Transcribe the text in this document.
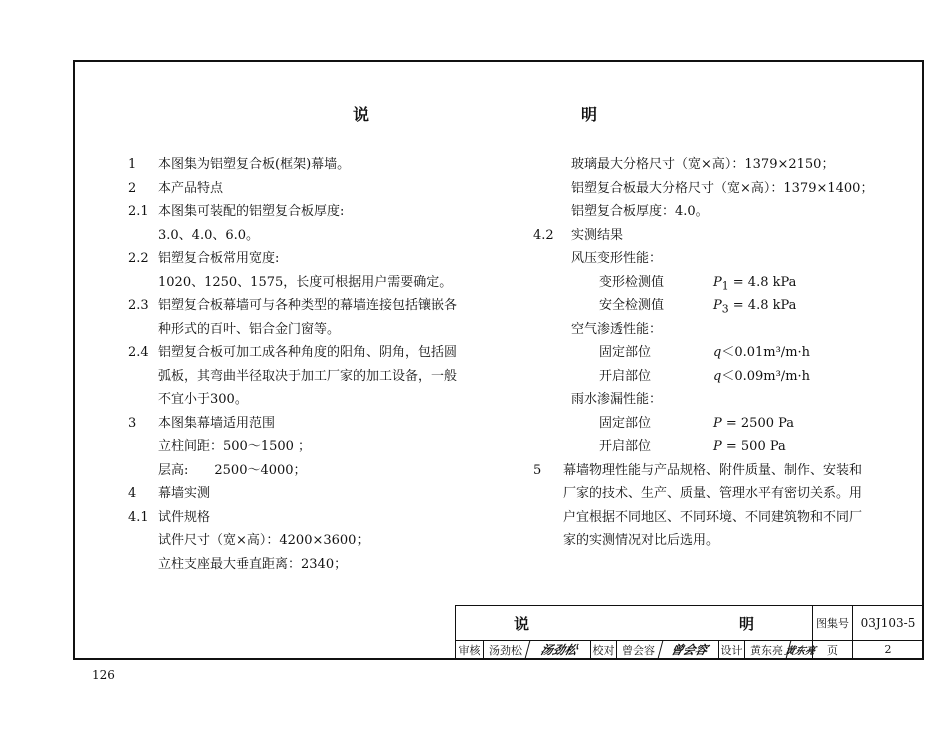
说　　明
1 本图集为铝塑复合板(框架)幕墙。
2 本产品特点
2.1 本图集可装配的铝塑复合板厚度:
3.0、4.0、6.0。
2.2 铝塑复合板常用宽度:
1020、1250、1575，长度可根据用户需要确定。
2.3 铝塑复合板幕墙可与各种类型的幕墙连接包括镶嵌各
种形式的百叶、铝合金门窗等。
2.4 铝塑复合板可加工成各种角度的阳角、阴角，包括圆
弧板，其弯曲半径取决于加工厂家的加工设备，一般
不宜小于300。
3 本图集幕墙适用范围
立柱间距：500～1500 ；
层高:　　2500～4000；
4 幕墙实测
4.1 试件规格
试件尺寸（宽×高）：4200×3600；
立柱支座最大垂直距离：2340；
玻璃最大分格尺寸（宽×高）：1379×2150；
铝塑复合板最大分格尺寸（宽×高）：1379×1400；
铝塑复合板厚度：4.0。
4.2 实测结果
风压变形性能：
变形检测值	$P_1 = 4.8$ kPa
安全检测值	$P_3 = 4.8$ kPa
空气渗透性能：
固定部位	q＜0.01m³/m·h
开启部位	q＜0.09m³/m·h
雨水渗漏性能：
固定部位	P = 2500 Pa
开启部位	P = 500 Pa
5 幕墙物理性能与产品规格、附件质量、制作、安装和
厂家的技术、生产、质量、管理水平有密切关系。用
户宜根据不同地区、不同环境、不同建筑物和不同厂
家的实测情况对比后选用。
说　　明 图集号 03J103-5
审核 汤劲松	汤劲松	校对 曾会容	曾会容	设计 黄东亮 黄东亮 页	2
126
